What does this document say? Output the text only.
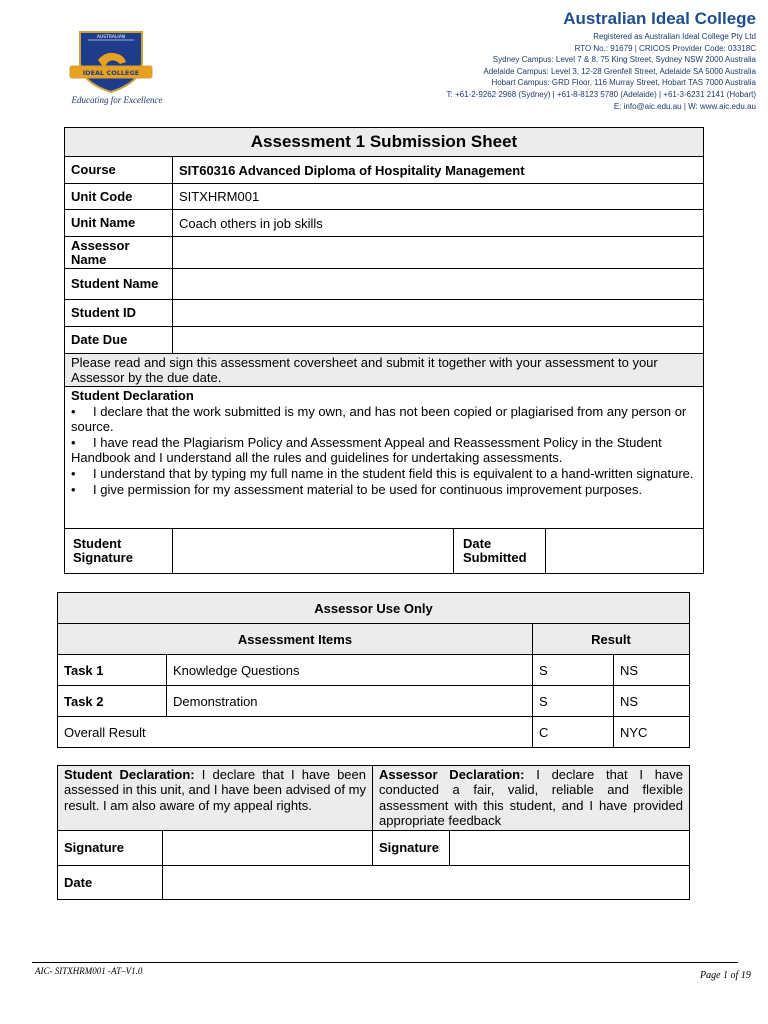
IDEAL COLLEGE
AUSTRALIAN
Educating for Excellence
Australian Ideal College
Registered as Australian Ideal College Pty Ltd
RTO No.: 91679 | CRICOS Provider Code: 03318C
Sydney Campus: Level 7 & 8, 75 King Street, Sydney NSW 2000 Australia
Adelaide Campus: Level 3, 12-28 Grenfell Street, Adelaide SA 5000 Australia
Hobart Campus: GRD Floor, 116 Murray Street, Hobart TAS 7000 Australia
T: +61-2-9262 2968 (Sydney) | +61-8-8123 5780 (Adelaide) | +61-3-6231 2141 (Hobart)
E: info@aic.edu.au | W: www.aic.edu.au
Assessment 1 Submission Sheet			
Course	SIT60316 Advanced Diploma of Hospitality Management		
Unit Code	SITXHRM001		
Unit Name	Coach others in job skills		
Assessor Name			
Student Name			
Student ID			
Date Due			
Please read and sign this assessment coversheet and submit it together with your assessment to your Assessor by the due date.			

Student Declaration
• I declare that the work submitted is my own, and has not been copied or plagiarised from any person or source.
• I have read the Plagiarism Policy and Assessment Appeal and Reassessment Policy in the Student Handbook and I understand all the rules and guidelines for undertaking assessments.
• I understand that by typing my full name in the student field this is equivalent to a hand-written signature.
• I give permission for my assessment material to be used for continuous improvement purposes.			

Student Signature		Date Submitted	
Assessor Use Only			
Assessment Items		Result	
Task 1	Knowledge Questions	S	NS
Task 2	Demonstration	S	NS
Overall Result		C	NYC
Student Declaration: I declare that I have been assessed in this unit, and I have been advised of my result. I am also aware of my appeal rights.		Assessor Declaration: I declare that I have conducted a fair, valid, reliable and flexible assessment with this student, and I have provided appropriate feedback	
Signature		Signature	
Date			
AIC- SITXHRM001 -AT–V1.0	Page 1 of 19
